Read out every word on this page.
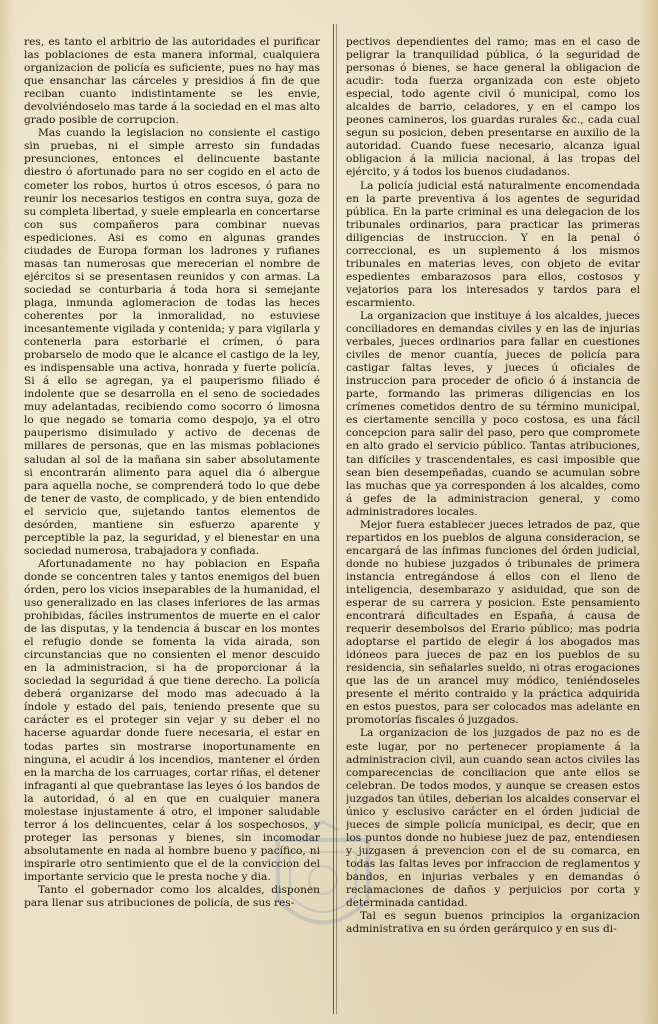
res, es tanto el arbitrio de las autoridades el purificar las poblaciones de esta manera informal, cualquiera organizacion de policía es suficiente, pues no hay mas que ensanchar las cárceles y presidios á fin de que reciban cuanto indistintamente se les envie, devolviéndoselo mas tarde á la sociedad en el mas alto grado posible de corrupcion.

Mas cuando la legislacion no consiente el castigo sin pruebas, ni el simple arresto sin fundadas presunciones, entonces el delincuente bastante diestro ó afortunado para no ser cogido en el acto de cometer los robos, hurtos ú otros escesos, ó para no reunir los necesarios testigos en contra suya, goza de su completa libertad, y suele emplearla en concertarse con sus compañeros para combinar nuevas espediciones. Asi es como en algunas grandes ciudades de Europa forman los ladrones y rufianes masas tan numerosas que merecerian el nombre de ejércitos si se presentasen reunidos y con armas. La sociedad se conturbaria á toda hora si semejante plaga, inmunda aglomeracion de todas las heces coherentes por la inmoralidad, no estuviese incesantemente vigilada y contenida; y para vigilarla y contenerla para estorbarle el crímen, ó para probarselo de modo que le alcance el castigo de la ley, es indispensable una activa, honrada y fuerte policía. Si á ello se agregan, ya el pauperismo filiado é indolente que se desarrolla en el seno de sociedades muy adelantadas, recibiendo como socorro ó limosna lo que negado se tomaria como despojo, ya el otro pauperismo disimulado y activo de decenas de millares de personas, que en las mismas poblaciones saludan al sol de la mañana sin saber absolutamente si encontrarán alimento para aquel dia ó albergue para aquella noche, se comprenderá todo lo que debe de tener de vasto, de complicado, y de bien entendido el servicio que, sujetando tantos elementos de desórden, mantiene sin esfuerzo aparente y perceptible la paz, la seguridad, y el bienestar en una sociedad numerosa, trabajadora y confiada.

Afortunadamente no hay poblacion en España donde se concentren tales y tantos enemigos del buen órden, pero los vicios inseparables de la humanidad, el uso generalizado en las clases inferiores de las armas prohibidas, fáciles instrumentos de muerte en el calor de las disputas, y la tendencia á buscar en los montes el refugio donde se fomenta la vida airada, son circunstancias que no consienten el menor descuido en la administracion, si ha de proporcionar á la sociedad la seguridad á que tiene derecho. La policía deberá organizarse del modo mas adecuado á la índole y estado del pais, teniendo presente que su carácter es el proteger sin vejar y su deber el no hacerse aguardar donde fuere necesaria, el estar en todas partes sin mostrarse inoportunamente en ninguna, el acudir á los incendios, mantener el órden en la marcha de los carruages, cortar riñas, el detener infraganti al que quebrantase las leyes ó los bandos de la autoridad, ó al en que en cualquier manera molestase injustamente á otro, el imponer saludable terror á los delincuentes, celar á los sospechosos, y proteger las personas y bienes, sin incomodar absolutamente en nada al hombre bueno y pacífico, ni inspirarle otro sentimiento que el de la conviccion del importante servicio que le presta noche y dia.

Tanto el gobernador como los alcaldes, disponen para llenar sus atribuciones de policía, de sus res-

pectivos dependientes del ramo; mas en el caso de peligrar la tranquilidad pública, ó la seguridad de personas ó bienes, se hace general la obligacion de acudir: toda fuerza organizada con este objeto especial, todo agente civil ó municipal, como los alcaldes de barrio, celadores, y en el campo los peones camineros, los guardas rurales &c., cada cual segun su posicion, deben presentarse en auxilio de la autoridad. Cuando fuese necesario, alcanza igual obligacion á la milicia nacional, á las tropas del ejército, y á todos los buenos ciudadanos.

La policía judicial está naturalmente encomendada en la parte preventiva á los agentes de seguridad pública. En la parte criminal es una delegacion de los tribunales ordinarios, para practicar las primeras diligencias de instruccion. Y en la penal ó correccional, es un suplemento á los mismos tribunales en materias leves, con objeto de evitar espedientes embarazosos para ellos, costosos y vejatorios para los interesados y tardos para el escarmiento.

La organizacion que instituye á los alcaldes, jueces conciliadores en demandas civiles y en las de injurias verbales, jueces ordinarios para fallar en cuestiones civiles de menor cuantía, jueces de policía para castigar faltas leves, y jueces ú oficiales de instruccion para proceder de oficio ó á instancia de parte, formando las primeras diligencias en los crímenes cometidos dentro de su término municipal, es ciertamente sencilla y poco costosa, es una fácil concepcion para salir del paso, pero que compromete en alto grado el servicio público. Tantas atribuciones, tan difíciles y trascendentales, es casi imposible que sean bien desempeñadas, cuando se acumulan sobre las muchas que ya corresponden á los alcaldes, como á gefes de la administracion general, y como administradores locales.

Mejor fuera establecer jueces letrados de paz, que repartidos en los pueblos de alguna consideracion, se encargará de las ínfimas funciones del órden judicial, donde no hubiese juzgados ó tribunales de primera instancia entregándose á ellos con el lleno de inteligencia, desembarazo y asiduidad, que son de esperar de su carrera y posicion. Este pensamiento encontrará dificultades en España, á causa de requerir desembolsos del Erario público; mas podria adoptarse el partido de elegir á los abogados mas idóneos para jueces de paz en los pueblos de su residencia, sin señalarles sueldo, ni otras erogaciones que las de un arancel muy módico, teniéndoseles presente el mérito contraido y la práctica adquirida en estos puestos, para ser colocados mas adelante en promotorías fiscales ó juzgados.

La organizacion de los juzgados de paz no es de este lugar, por no pertenecer propiamente á la administracion civil, aun cuando sean actos civiles las comparecencias de conciliacion que ante ellos se celebran. De todos modos, y aunque se creasen estos juzgados tan útiles, deberian los alcaldes conservar el único y esclusivo carácter en el órden judicial de jueces de simple policía municipal, es decir, que en los puntos donde no hubiese juez de paz, entendiesen y juzgasen á prevencion con el de su comarca, en todas las faltas leves por infraccion de reglamentos y bandos, en injurias verbales y en demandas ó reclamaciones de daños y perjuicios por corta y determinada cantidad.

Tal es segun buenos principios la organizacion administrativa en su órden gerárquico y en sus di-
